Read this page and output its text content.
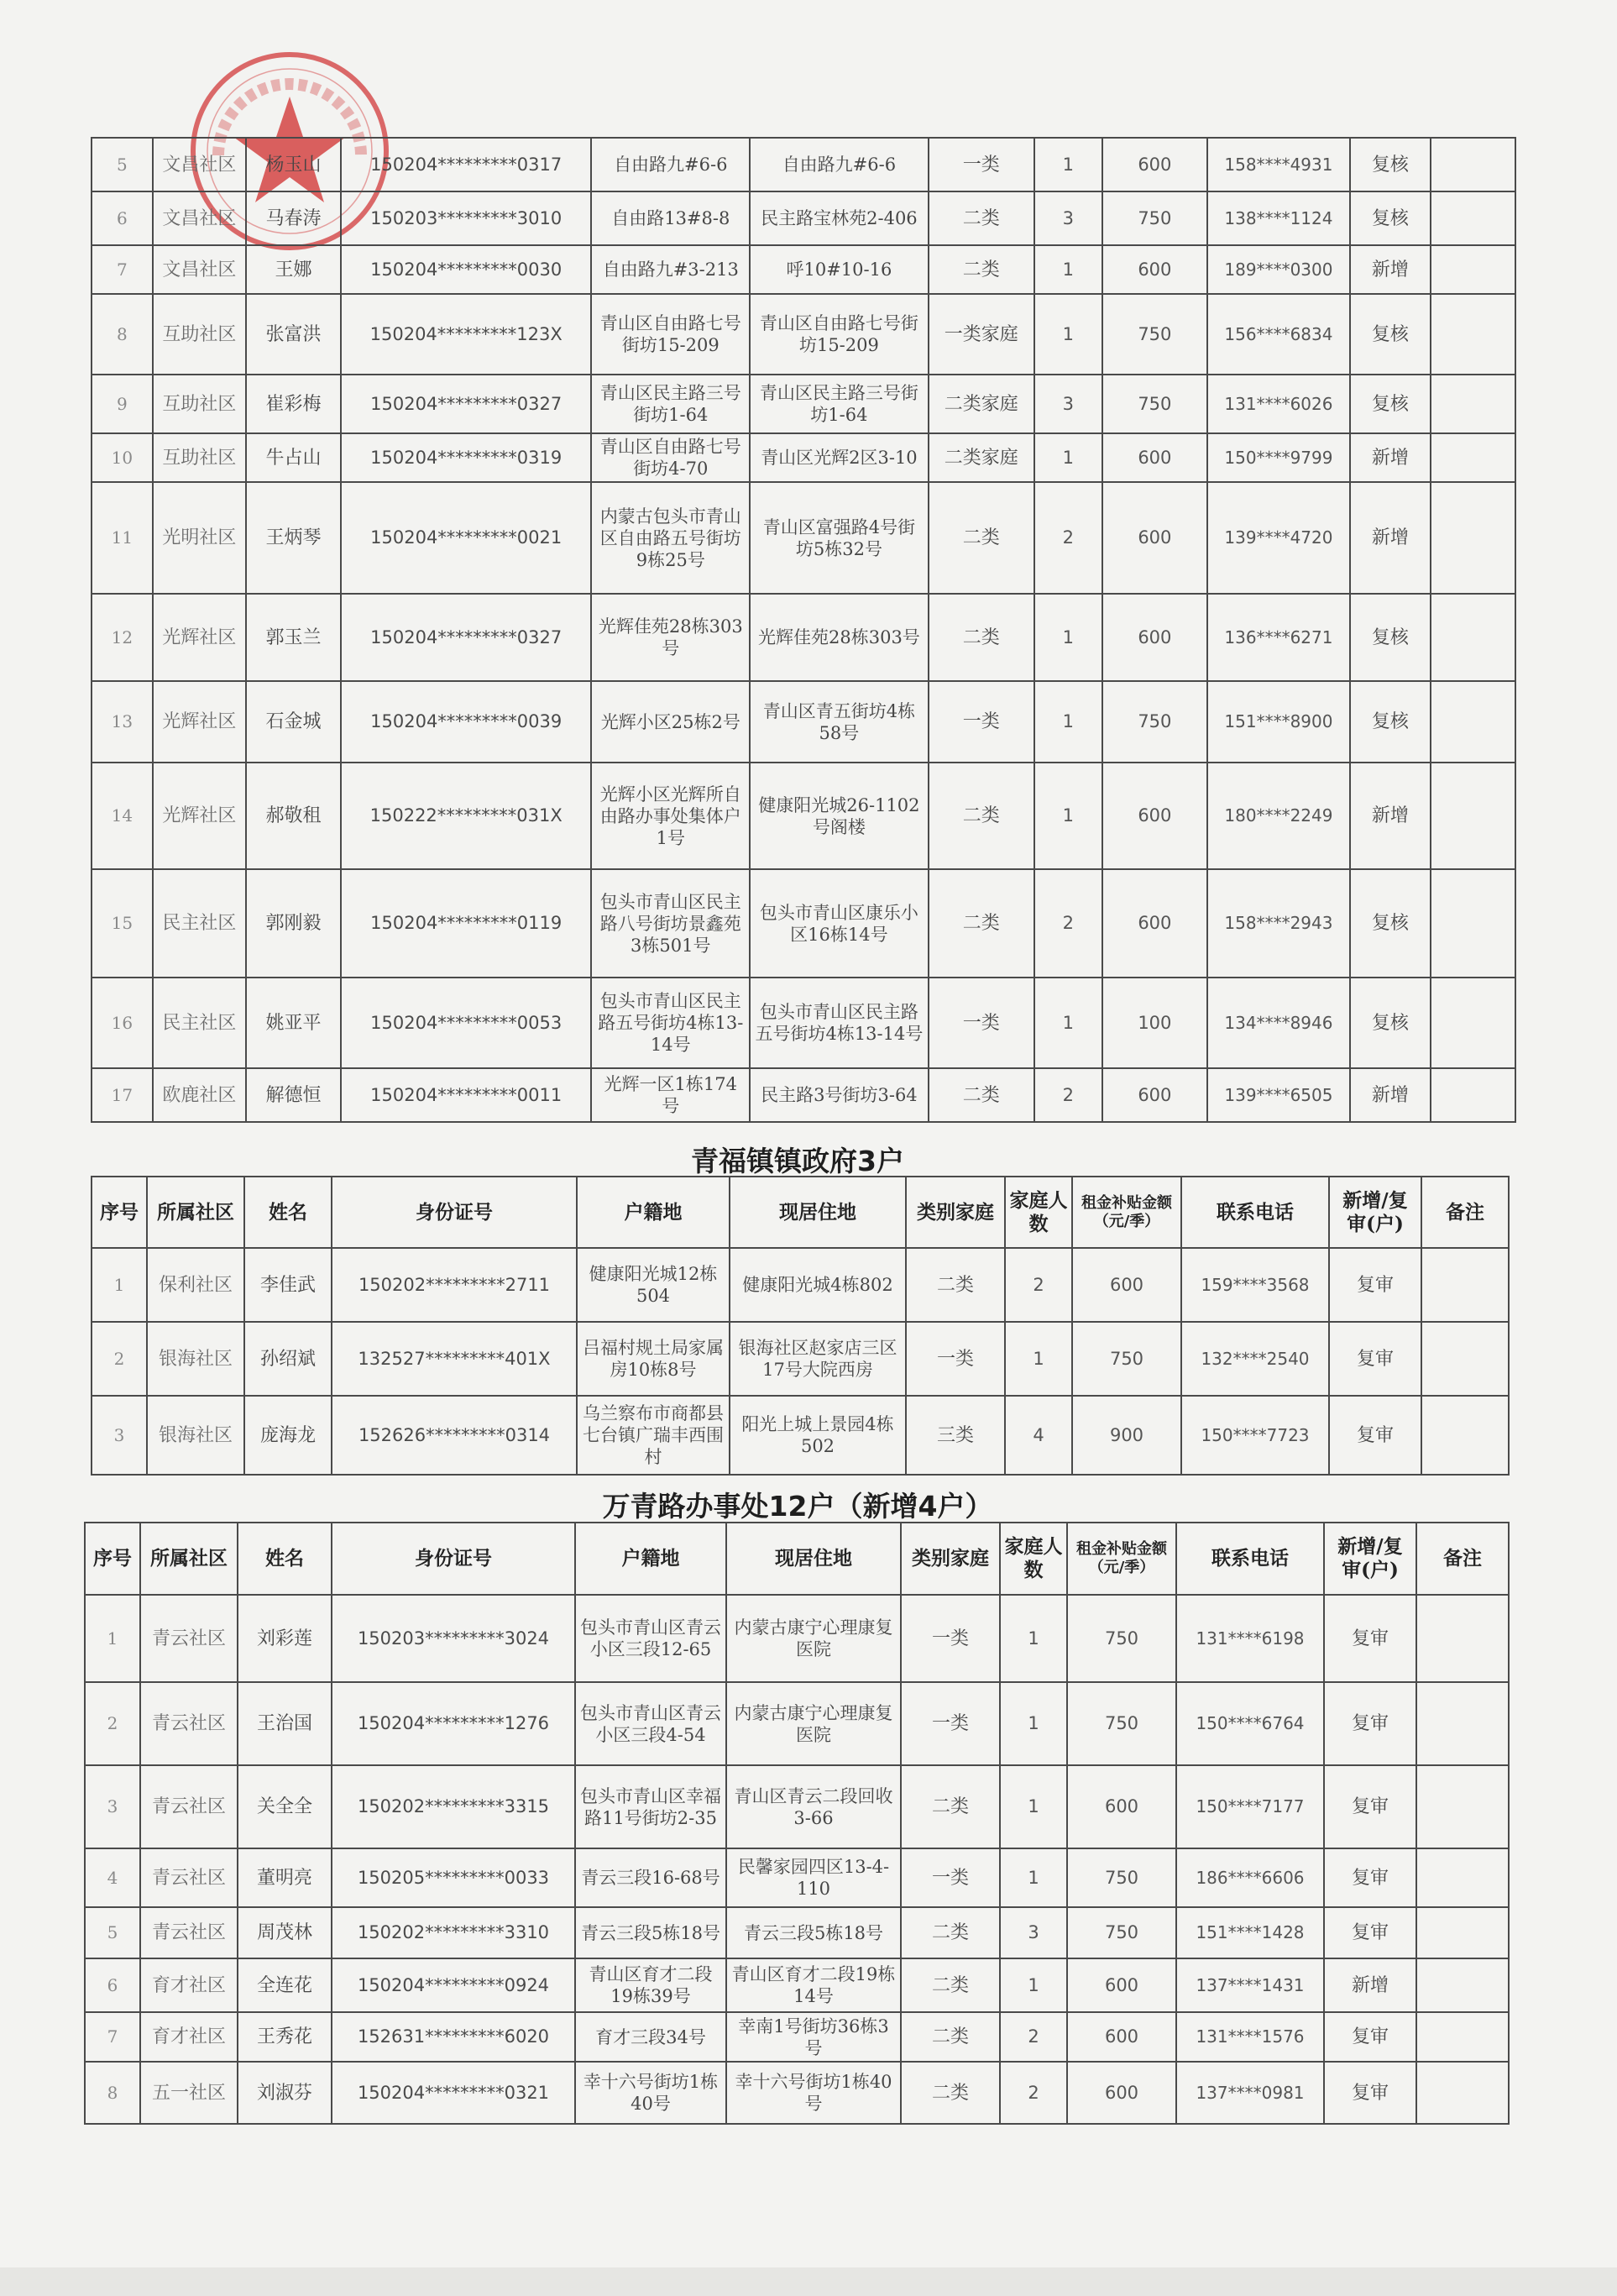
5	文昌社区	杨玉山	150204*********0317	自由路九#6-6	自由路九#6-6	一类	1	600	158****4931	复核	
6	文昌社区	马春涛	150203*********3010	自由路13#8-8	民主路宝林苑2-406	二类	3	750	138****1124	复核	
7	文昌社区	王娜	150204*********0030	自由路九#3-213	呼10#10-16	二类	1	600	189****0300	新增	
8	互助社区	张富洪	150204*********123X	青山区自由路七号街坊15-209	青山区自由路七号街坊15-209	一类家庭	1	750	156****6834	复核	
9	互助社区	崔彩梅	150204*********0327	青山区民主路三号街坊1-64	青山区民主路三号街坊1-64	二类家庭	3	750	131****6026	复核	
10	互助社区	牛占山	150204*********0319	青山区自由路七号街坊4-70	青山区光辉2区3-10	二类家庭	1	600	150****9799	新增	
11	光明社区	王炳琴	150204*********0021	内蒙古包头市青山区自由路五号街坊9栋25号	青山区富强路4号街坊5栋32号	二类	2	600	139****4720	新增	
12	光辉社区	郭玉兰	150204*********0327	光辉佳苑28栋303号	光辉佳苑28栋303号	二类	1	600	136****6271	复核	
13	光辉社区	石金城	150204*********0039	光辉小区25栋2号	青山区青五街坊4栋58号	一类	1	750	151****8900	复核	
14	光辉社区	郝敬租	150222*********031X	光辉小区光辉所自由路办事处集体户1号	健康阳光城26-1102号阁楼	二类	1	600	180****2249	新增	
15	民主社区	郭刚毅	150204*********0119	包头市青山区民主路八号街坊景鑫苑3栋501号	包头市青山区康乐小区16栋14号	二类	2	600	158****2943	复核	
16	民主社区	姚亚平	150204*********0053	包头市青山区民主路五号街坊4栋13-14号	包头市青山区民主路五号街坊4栋13-14号	一类	1	100	134****8946	复核	
17	欧鹿社区	解德恒	150204*********0011	光辉一区1栋174号	民主路3号街坊3-64	二类	2	600	139****6505	新增	
青福镇镇政府3户
序号	所属社区	姓名	身份证号	户籍地	现居住地	类别家庭	家庭人数	租金补贴金额（元/季）	联系电话	新增/复审(户)	备注
1	保利社区	李佳武	150202*********2711	健康阳光城12栋504	健康阳光城4栋802	二类	2	600	159****3568	复审	
2	银海社区	孙绍斌	132527*********401X	吕福村规土局家属房10栋8号	银海社区赵家店三区17号大院西房	一类	1	750	132****2540	复审	
3	银海社区	庞海龙	152626*********0314	乌兰察布市商都县七台镇广瑞丰西围村	阳光上城上景园4栋502	三类	4	900	150****7723	复审	
万青路办事处12户（新增4户）
序号	所属社区	姓名	身份证号	户籍地	现居住地	类别家庭	家庭人数	租金补贴金额（元/季）	联系电话	新增/复审(户)	备注
1	青云社区	刘彩莲	150203*********3024	包头市青山区青云小区三段12-65	内蒙古康宁心理康复医院	一类	1	750	131****6198	复审	
2	青云社区	王治国	150204*********1276	包头市青山区青云小区三段4-54	内蒙古康宁心理康复医院	一类	1	750	150****6764	复审	
3	青云社区	关全全	150202*********3315	包头市青山区幸福路11号街坊2-35	青山区青云二段回收3-66	二类	1	600	150****7177	复审	
4	青云社区	董明亮	150205*********0033	青云三段16-68号	民馨家园四区13-4-110	一类	1	750	186****6606	复审	
5	青云社区	周茂林	150202*********3310	青云三段5栋18号	青云三段5栋18号	二类	3	750	151****1428	复审	
6	育才社区	全连花	150204*********0924	青山区育才二段19栋39号	青山区育才二段19栋14号	二类	1	600	137****1431	新增	
7	育才社区	王秀花	152631*********6020	育才三段34号	幸南1号街坊36栋3号	二类	2	600	131****1576	复审	
8	五一社区	刘淑芬	150204*********0321	幸十六号街坊1栋40号	幸十六号街坊1栋40号	二类	2	600	137****0981	复审	
